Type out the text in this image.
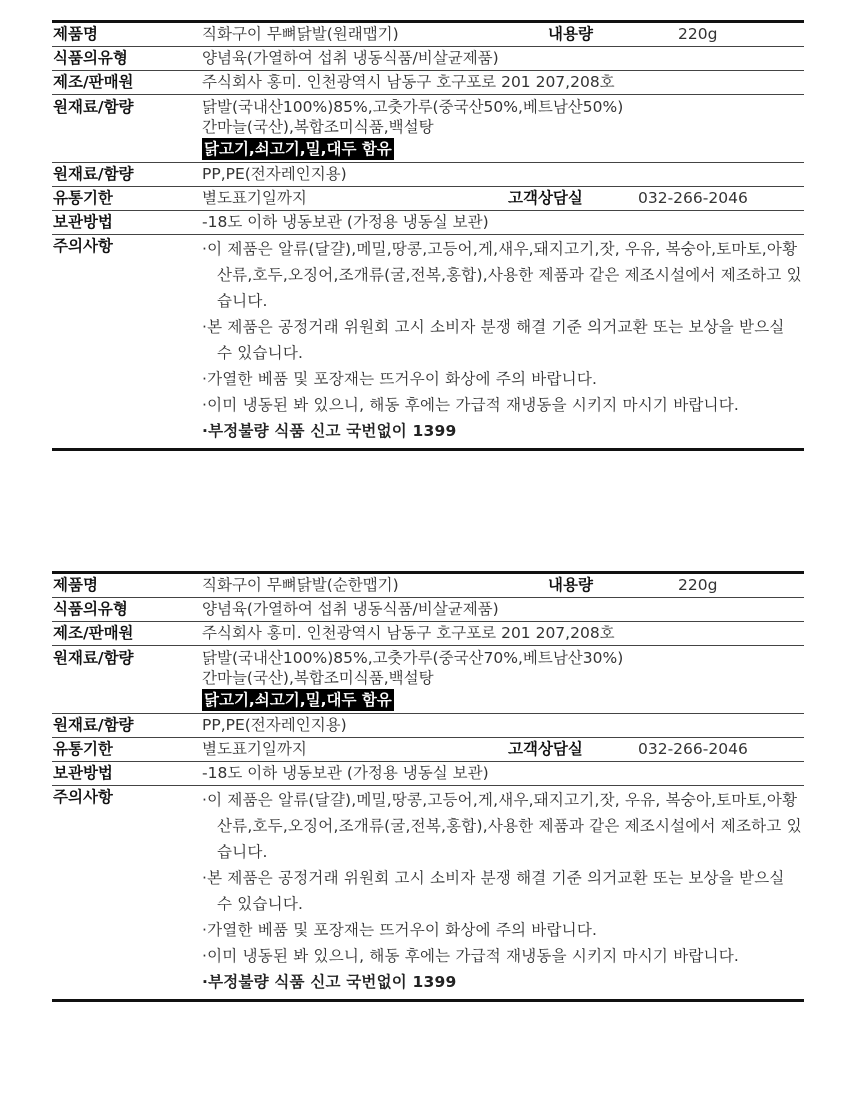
제품명	직화구이 무뼈닭발(원래맵기)	내용량	220g
식품의유형	양념육(가열하여 섭취 냉동식품/비살균제품)
제조/판매원	주식회사 홍미. 인천광역시 남동구 호구포로 201 207,208호
원재료/함량	닭발(국내산100%)85%,고춧가루(중국산50%,베트남산50%)
간마늘(국산),복합조미식품,백설탕
닭고기,쇠고기,밀,대두 함유
원재료/함량	PP,PE(전자레인지용)
유통기한	별도표기일까지	고객상담실	032-266-2046
보관방법	-18도 이하 냉동보관 (가정용 냉동실 보관)
주의사항	·이 제품은 알류(달걀),메밀,땅콩,고등어,게,새우,돼지고기,잣, 우유, 복숭아,토마토,아황산류,호두,오징어,조개류(굴,전복,홍합),사용한 제품과 같은 제조시설에서 제조하고 있습니다.
·본 제품은 공정거래 위원회 고시 소비자 분쟁 해결 기준 의거교환 또는 보상을 받으실 수 있습니다.
·가열한 베품 및 포장재는 뜨거우이 화상에 주의 바랍니다.
·이미 냉동된 봐 있으니, 해동 후에는 가급적 재냉동을 시키지 마시기 바랍니다.
·부정불량 식품 신고 국번없이 1399
제품명	직화구이 무뼈닭발(순한맵기)	내용량	220g
식품의유형	양념육(가열하여 섭취 냉동식품/비살균제품)
제조/판매원	주식회사 홍미. 인천광역시 남동구 호구포로 201 207,208호
원재료/함량	닭발(국내산100%)85%,고춧가루(중국산70%,베트남산30%)
간마늘(국산),복합조미식품,백설탕
닭고기,쇠고기,밀,대두 함유
원재료/함량	PP,PE(전자레인지용)
유통기한	별도표기일까지	고객상담실	032-266-2046
보관방법	-18도 이하 냉동보관 (가정용 냉동실 보관)
주의사항	·이 제품은 알류(달걀),메밀,땅콩,고등어,게,새우,돼지고기,잣, 우유, 복숭아,토마토,아황산류,호두,오징어,조개류(굴,전복,홍합),사용한 제품과 같은 제조시설에서 제조하고 있습니다.
·본 제품은 공정거래 위원회 고시 소비자 분쟁 해결 기준 의거교환 또는 보상을 받으실 수 있습니다.
·가열한 베품 및 포장재는 뜨거우이 화상에 주의 바랍니다.
·이미 냉동된 봐 있으니, 해동 후에는 가급적 재냉동을 시키지 마시기 바랍니다.
·부정불량 식품 신고 국번없이 1399
